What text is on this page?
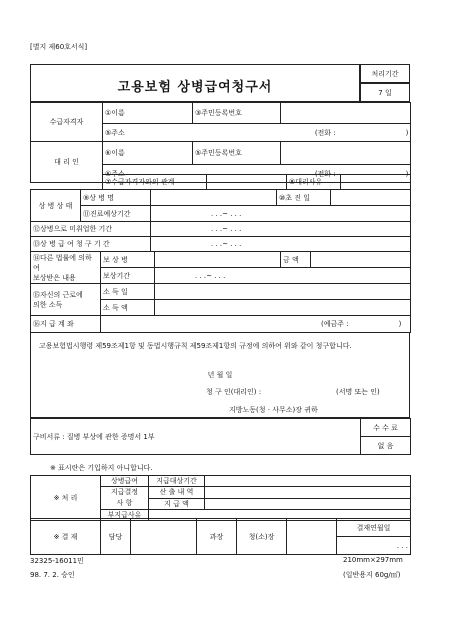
[별지 제60호서식]
고용보험 상병급여청구서
처리기간
7 일
수급자격자	①이름	③주민등록번호	
	⑤주소 (전화 : )		
대 리 인	⑥이름	⑤주민등록번호	
	⑥주소 (전화 : )		
⑦수급자격자와의 관계		⑧대리사유	
상 병 상 태	⑨상 병 명		⑩초 진 일	
	⑪진료예상기간	. . .~ . . .		
⑫상병으로 미취업한 기간	. . .~ . . .
⑬상 병 급 여 청 구 기 간	. . .~ . . .
⑭다른 법률에 의하여
보상받은 내용	보 상 병		금 액	
	보상기간	. . .~ . . .		
⑮자신의 근로에
의한 소득	소 득 일			
	소 득 액			
⑯지 급 계 좌	(예금주 :	)
고용보험법시행령 제59조제1항 및 동법시행규칙 제59조제1항의 규정에 의하여 위와 같이 청구합니다.
년 월 일
청 구 인(대리인) :	(서명 또는 인)
지방노동(청 · 사무소)장 귀하
구비서류 : 질병 부상에 관한 증명서 1부	수 수 료
없 음
※ 표시란은 기입하지 아니합니다.
※ 처 리	상병급여	지급대상기간	
	지급결정
사 항	산 출 내 역	
		지 급 액	
	부지급사유		
※ 결 재	담당		과장	청(소)장		결재연월일
. . .
32325-16011민
98. 7. 2. 승인
210mm×297mm
(일반용지 60g/㎡)
